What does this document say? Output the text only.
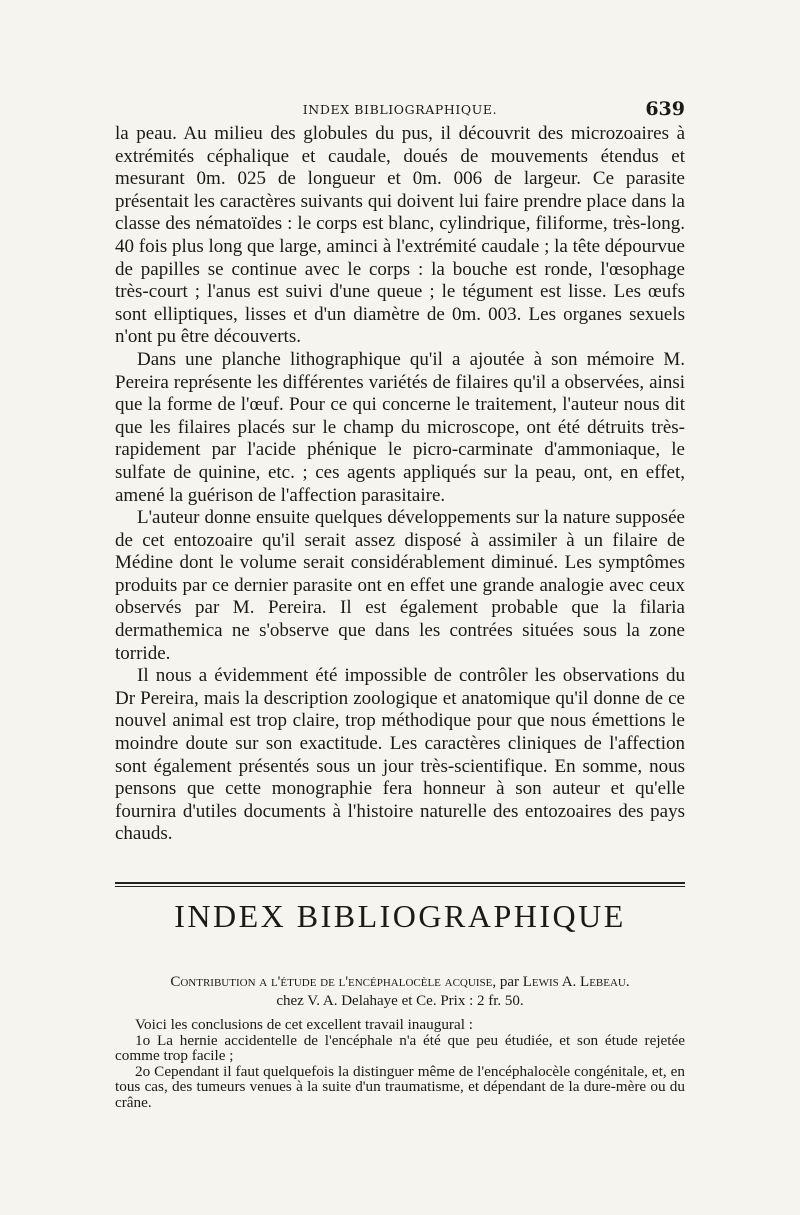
INDEX BIBLIOGRAPHIQUE.	639

la peau. Au milieu des globules du pus, il découvrit des microzoaires à extrémités céphalique et caudale, doués de mouvements étendus et mesurant 0m. 025 de longueur et 0m. 006 de largeur. Ce parasite présentait les caractères suivants qui doivent lui faire prendre place dans la classe des nématoïdes : le corps est blanc, cylindrique, filiforme, très-long. 40 fois plus long que large, aminci à l'extrémité caudale ; la tête dépourvue de papilles se continue avec le corps : la bouche est ronde, l'œsophage très-court ; l'anus est suivi d'une queue ; le tégument est lisse. Les œufs sont elliptiques, lisses et d'un diamètre de 0m. 003. Les organes sexuels n'ont pu être découverts.

Dans une planche lithographique qu'il a ajoutée à son mémoire M. Pereira représente les différentes variétés de filaires qu'il a observées, ainsi que la forme de l'œuf. Pour ce qui concerne le traitement, l'auteur nous dit que les filaires placés sur le champ du microscope, ont été détruits très-rapidement par l'acide phénique le picro-carminate d'ammoniaque, le sulfate de quinine, etc. ; ces agents appliqués sur la peau, ont, en effet, amené la guérison de l'affection parasitaire.

L'auteur donne ensuite quelques développements sur la nature supposée de cet entozoaire qu'il serait assez disposé à assimiler à un filaire de Médine dont le volume serait considérablement diminué. Les symptômes produits par ce dernier parasite ont en effet une grande analogie avec ceux observés par M. Pereira. Il est également probable que la filaria dermathemica ne s'observe que dans les contrées situées sous la zone torride.

Il nous a évidemment été impossible de contrôler les observations du Dr Pereira, mais la description zoologique et anatomique qu'il donne de ce nouvel animal est trop claire, trop méthodique pour que nous émettions le moindre doute sur son exactitude. Les caractères cliniques de l'affection sont également présentés sous un jour très-scientifique. En somme, nous pensons que cette monographie fera honneur à son auteur et qu'elle fournira d'utiles documents à l'histoire naturelle des entozoaires des pays chauds.

INDEX BIBLIOGRAPHIQUE
Contribution a l'étude de l'encéphalocèle acquise, par Lewis A. Lebeau.
chez V. A. Delahaye et Ce. Prix : 2 fr. 50.

Voici les conclusions de cet excellent travail inaugural :

1o La hernie accidentelle de l'encéphale n'a été que peu étudiée, et son étude rejetée comme trop facile ;

2o Cependant il faut quelquefois la distinguer même de l'encéphalocèle congénitale, et, en tous cas, des tumeurs venues à la suite d'un traumatisme, et dépendant de la dure-mère ou du crâne.
